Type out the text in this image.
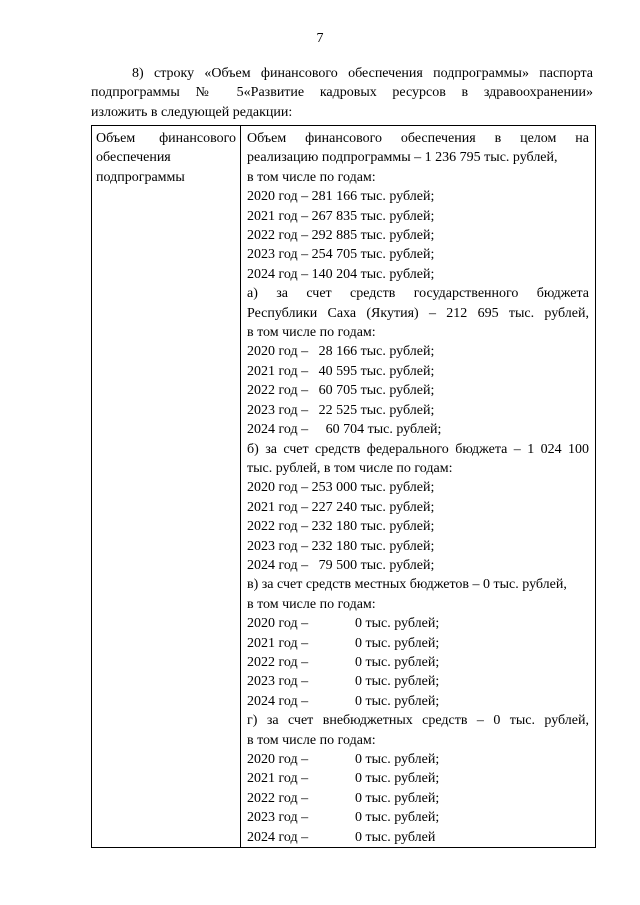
7

8) строку «Объем финансового обеспечения подпрограммы» паспорта

подпрограммы № 5«Развитие кадровых ресурсов в здравоохранении»

изложить в следующей редакции:

Объем финансового
обеспечения
подпрограммы

Объем финансового обеспечения в целом на
реализацию подпрограммы – 1 236 795 тыс. рублей,
в том числе по годам:
2020 год – 281 166 тыс. рублей;
2021 год – 267 835 тыс. рублей;
2022 год – 292 885 тыс. рублей;
2023 год – 254 705 тыс. рублей;
2024 год – 140 204 тыс. рублей;
а) за счет средств государственного бюджета
Республики Саха (Якутия) – 212 695 тыс. рублей,
в том числе по годам:
2020 год –   28 166 тыс. рублей;
2021 год –   40 595 тыс. рублей;
2022 год –   60 705 тыс. рублей;
2023 год –   22 525 тыс. рублей;
2024 год –     60 704 тыс. рублей;
б) за счет средств федерального бюджета – 1 024 100
тыс. рублей, в том числе по годам:
2020 год – 253 000 тыс. рублей;
2021 год – 227 240 тыс. рублей;
2022 год – 232 180 тыс. рублей;
2023 год – 232 180 тыс. рублей;
2024 год –   79 500 тыс. рублей;
в) за счет средств местных бюджетов – 0 тыс. рублей,
в том числе по годам:
2020 год –	0 тыс. рублей;
2021 год –	0 тыс. рублей;
2022 год –	0 тыс. рублей;
2023 год –	0 тыс. рублей;
2024 год –	0 тыс. рублей;
г) за счет внебюджетных средств – 0 тыс. рублей,
в том числе по годам:
2020 год –	0 тыс. рублей;
2021 год –	0 тыс. рублей;
2022 год –	0 тыс. рублей;
2023 год –	0 тыс. рублей;
2024 год –	0 тыс. рублей
